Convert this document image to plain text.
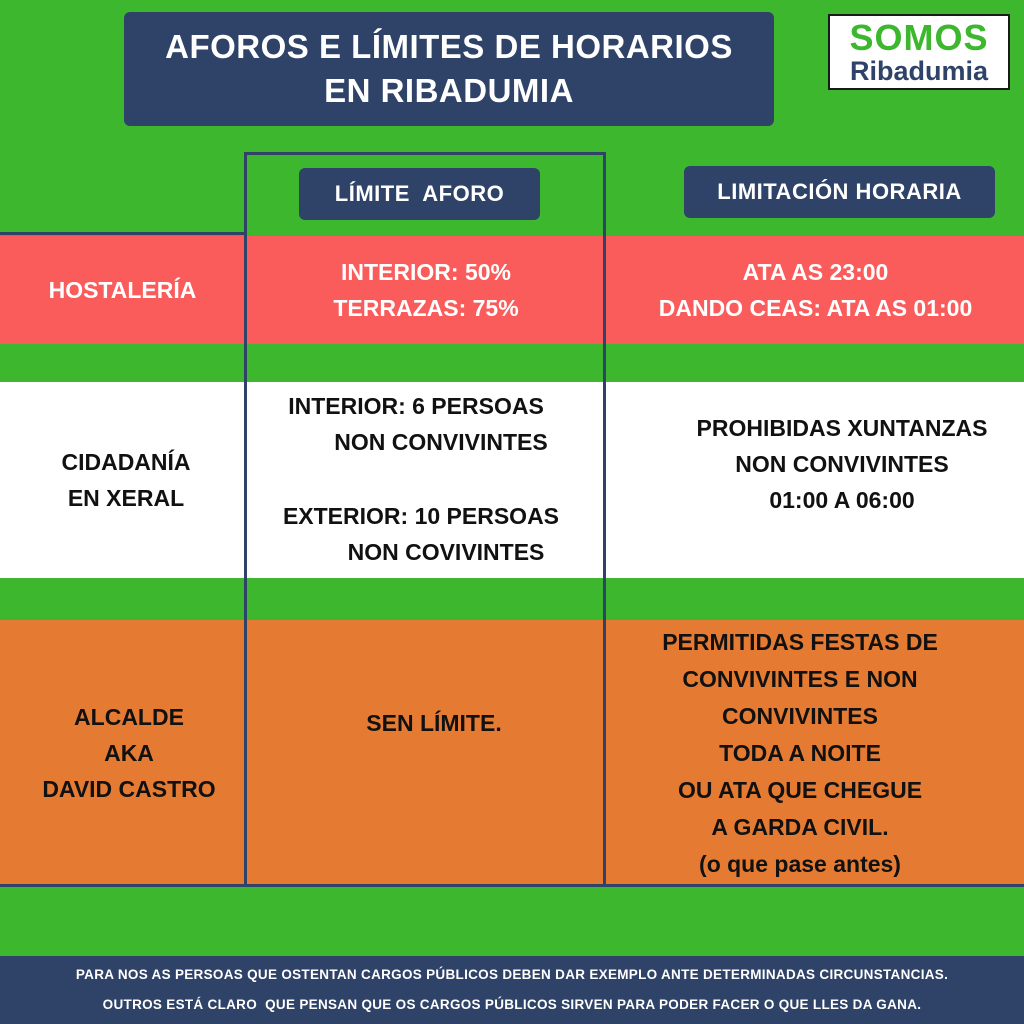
AFOROS E LÍMITES DE HORARIOS
EN RIBADUMIA
SOMOS
Ribadumia
LÍMITE  AFORO	LIMITACIÓN HORARIA
HOSTALERÍA
INTERIOR: 50%
TERRAZAS: 75%
ATA AS 23:00
DANDO CEAS: ATA AS 01:00
CIDADANÍA
EN XERAL
INTERIOR: 6 PERSOAS
NON CONVIVINTES
EXTERIOR: 10 PERSOAS
NON COVIVINTES
PROHIBIDAS XUNTANZAS
NON CONVIVINTES
01:00 A 06:00
ALCALDE
AKA
DAVID CASTRO
SEN LÍMITE.
PERMITIDAS FESTAS DE
CONVIVINTES E NON
CONVIVINTES
TODA A NOITE
OU ATA QUE CHEGUE
A GARDA CIVIL.
(o que pase antes)
PARA NOS AS PERSOAS QUE OSTENTAN CARGOS PÚBLICOS DEBEN DAR EXEMPLO ANTE DETERMINADAS CIRCUNSTANCIAS.
OUTROS ESTÁ CLARO  QUE PENSAN QUE OS CARGOS PÚBLICOS SIRVEN PARA PODER FACER O QUE LLES DA GANA.
